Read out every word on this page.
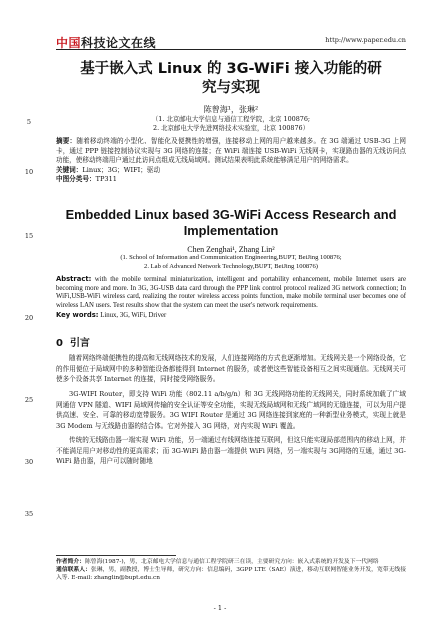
​
中国科技论文在线	http://www.paper.edu.cn
5
10
15
20
25
30
35
基于嵌入式 Linux 的 3G-WiFi 接入功能的研
究与实现
陈曾海¹，张琳²
（1. 北京邮电大学信息与通信工程学院，北京 100876;
2. 北京邮电大学先进网络技术实验室，北京 100876）
摘要：随着移动终端的小型化、智能化及便携性的增强，连接移动上网的用户越来越多。在 3G 端通过 USB-3G 上网卡，通过 PPP 链接控制协议实现与 3G 网络的连接；在 WiFi 端连接 USB-WiFi 无线网卡，实现路由器的无线访问点功能，使移动终端用户通过此访问点组成无线局域网。测试结果表明此系统能够满足用户的网络需求。
关键词：Linux；3G；WIFI；驱动
中图分类号：TP311
Embedded Linux based 3G-WiFi Access Research and
Implementation
Chen Zenghai¹, Zhang Lin²
(1. School of Information and Communication Engineering,BUPT, BeiJing 100876;
2. Lab of Advanced Network Technology,BUPT, BeiJing 100876)
Abstract: with the mobile terminal miniaturization, intelligent and portability enhancement, mobile Internet users are becoming more and more. In 3G, 3G-USB data card through the PPP link control protocol realized 3G network connection; In WiFi,USB-WiFi wireless card, realizing the router wireless access points function, make mobile terminal user becomes one of wireless LAN users. Test results show that the system can meet the user's network requirements.
Key words: Linux, 3G, WiFi, Driver
0 引言
随着网络终端便携性的提高和无线网络技术的发展，人们连接网络的方式也逐渐增加。无线网关是一个网络设备，它的作用便位于局域网中的多种智能设备都能得到 Internet 的服务，或者使这些智能设备相互之间实现通信。无线网关可使多个设备共享 Internet 的连接，同时接受网络服务。
3G-WIFI Router，即支持 WiFi 功能（802.11 a/b/g/n）和 3G 无线网络功能的无线网关，同时系统加载了广域网通信 VPN 隧道、WIFI 局域网传输的安全认证等安全功能，实现无线局域网和无线广域网的无缝连接，可以为用户提供高速、安全、可靠的移动宽带服务。3G WIFI Router 是通过 3G 网络连接到家庭的一种新型业务模式，实现上就是 3G Modem 与无线路由器的结合体。它对外接入 3G 网络，对内实现 WiFi 覆盖。
传统的无线路由器一端实现 WiFi 功能，另一端通过有线网络连接互联网，但这只能实现局部范围内的移动上网，并不能满足用户对移动性的更高需求；而 3G-WiFi 路由器一端提供 WiFi 网络，另一端实现与 3G网络的互通，通过 3G-WiFi 路由器，用户可以随时随地
作者简介：陈曾海(1987-)，男，北京邮电大学信息与通信工程学院研三在读，主要研究方向：嵌入式系统的开发及下一代网络
通信联系人：张琳，男，副教授，博士生导师，研究方向：信息编码，3GPP LTE（SAE）演进，移动互联网智能业务开发，宽带无线接入等. E-mail: zhanglin@bupt.edu.cn
- 1 -
